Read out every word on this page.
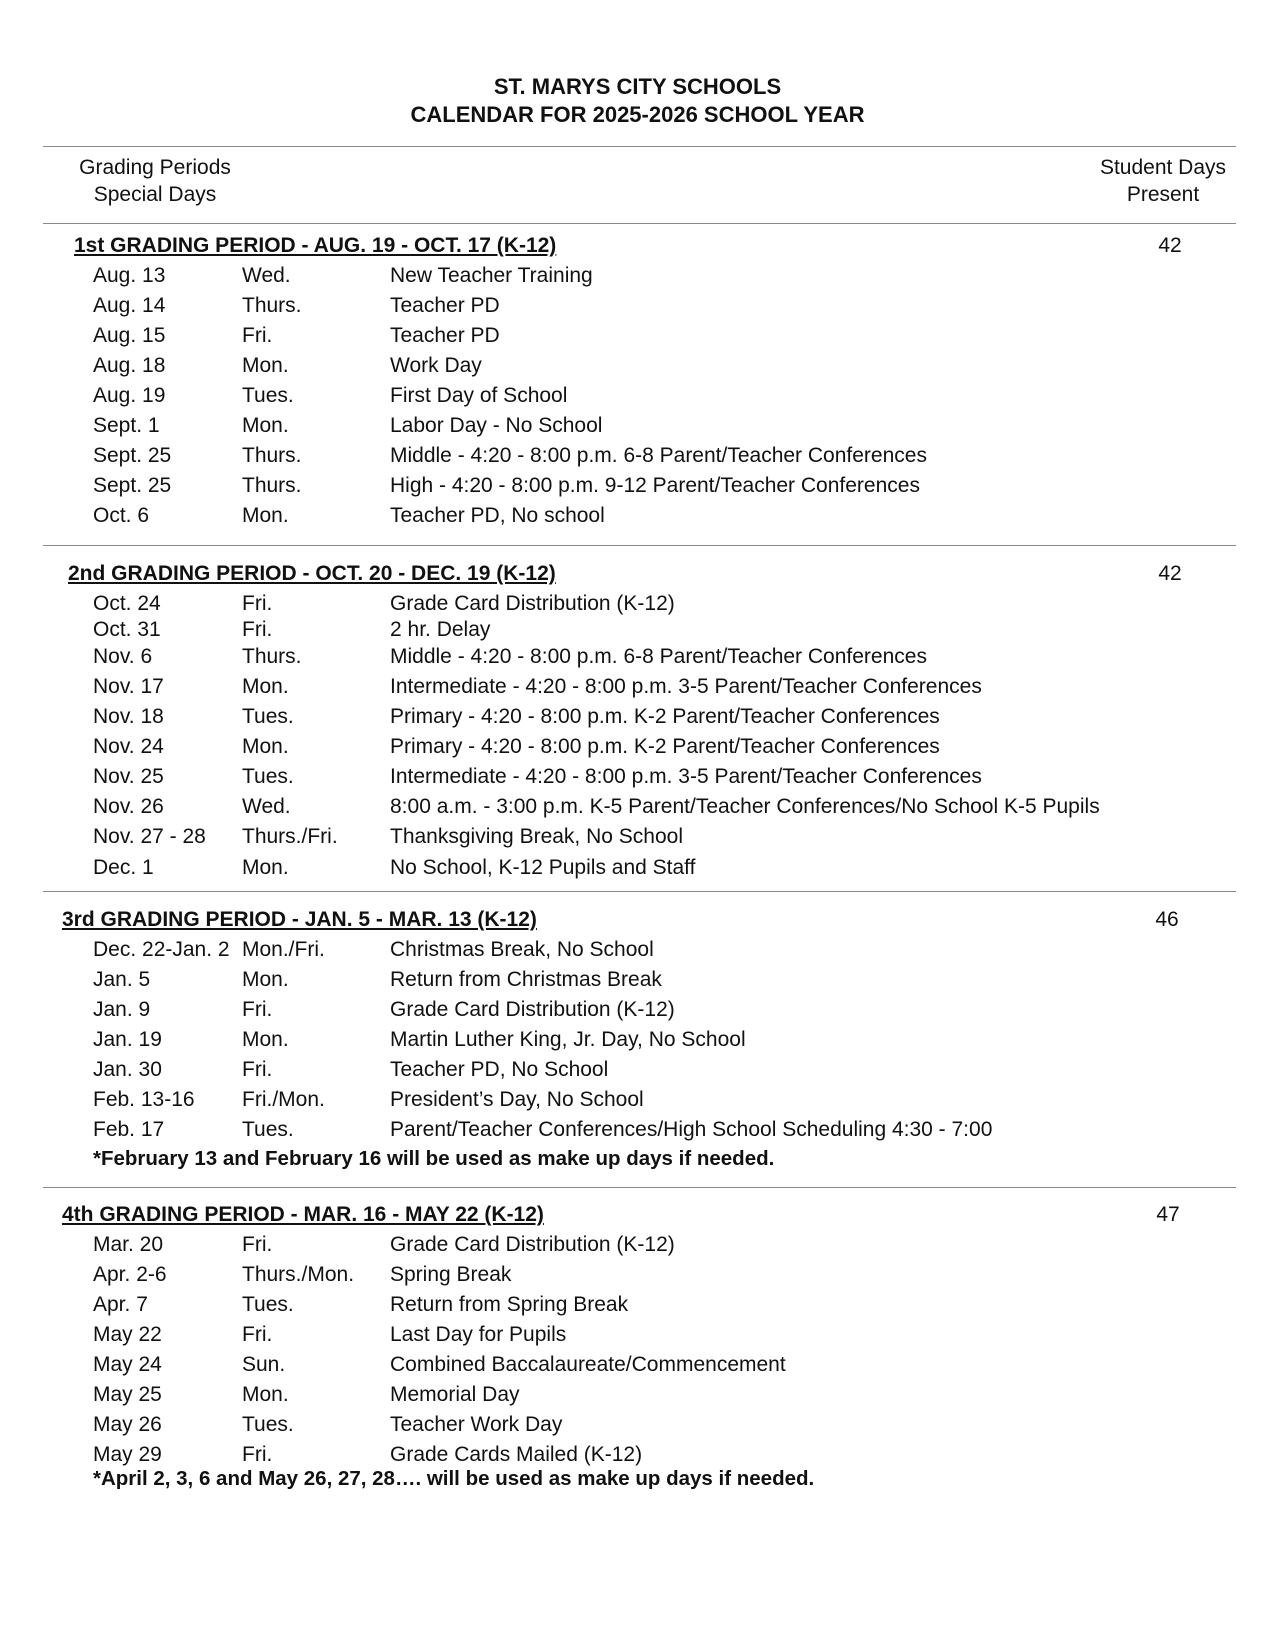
ST. MARYS CITY SCHOOLS
CALENDAR FOR 2025-2026 SCHOOL YEAR
Grading Periods
Special Days
Student Days
Present
1st GRADING PERIOD - AUG. 19 - OCT. 17 (K-12)	42
Aug. 13	Wed.	New Teacher Training
Aug. 14	Thurs.	Teacher PD
Aug. 15	Fri.	Teacher PD
Aug. 18	Mon.	Work Day
Aug. 19	Tues.	First Day of School
Sept. 1	Mon.	Labor Day - No School
Sept. 25	Thurs.	Middle - 4:20 - 8:00 p.m. 6-8 Parent/Teacher Conferences
Sept. 25	Thurs.	High - 4:20 - 8:00 p.m. 9-12 Parent/Teacher Conferences
Oct. 6	Mon.	Teacher PD, No school
2nd GRADING PERIOD - OCT. 20 - DEC. 19 (K-12)	42
Oct. 24	Fri.	Grade Card Distribution (K-12)
Oct. 31	Fri.	2 hr. Delay
Nov. 6	Thurs.	Middle - 4:20 - 8:00 p.m. 6-8 Parent/Teacher Conferences
Nov. 17	Mon.	Intermediate - 4:20 - 8:00 p.m. 3-5 Parent/Teacher Conferences
Nov. 18	Tues.	Primary - 4:20 - 8:00 p.m. K-2 Parent/Teacher Conferences
Nov. 24	Mon.	Primary - 4:20 - 8:00 p.m. K-2 Parent/Teacher Conferences
Nov. 25	Tues.	Intermediate - 4:20 - 8:00 p.m. 3-5 Parent/Teacher Conferences
Nov. 26	Wed.	8:00 a.m. - 3:00 p.m. K-5 Parent/Teacher Conferences/No School K-5 Pupils
Nov. 27 - 28 Thurs./Fri. Thanksgiving Break, No School
Dec. 1	Mon.	No School, K-12 Pupils and Staff
3rd GRADING PERIOD - JAN. 5 - MAR. 13 (K-12)	46
Dec. 22-Jan. 2 Mon./Fri.	Christmas Break, No School
Jan. 5	Mon.	Return from Christmas Break
Jan. 9	Fri.	Grade Card Distribution (K-12)
Jan. 19	Mon.	Martin Luther King, Jr. Day, No School
Jan. 30	Fri.	Teacher PD, No School
Feb. 13-16 Fri./Mon.	President’s Day, No School
Feb. 17	Tues.	Parent/Teacher Conferences/High School Scheduling 4:30 - 7:00
*February 13 and February 16 will be used as make up days if needed.
4th GRADING PERIOD - MAR. 16 - MAY 22 (K-12)	47
Mar. 20	Fri.	Grade Card Distribution (K-12)
Apr. 2-6	Thurs./Mon. Spring Break
Apr. 7	Tues.	Return from Spring Break
May 22	Fri.	Last Day for Pupils
May 24	Sun.	Combined Baccalaureate/Commencement
May 25	Mon.	Memorial Day
May 26	Tues.	Teacher Work Day
May 29	Fri.	Grade Cards Mailed (K-12)
*April 2, 3, 6 and May 26, 27, 28…. will be used as make up days if needed.
